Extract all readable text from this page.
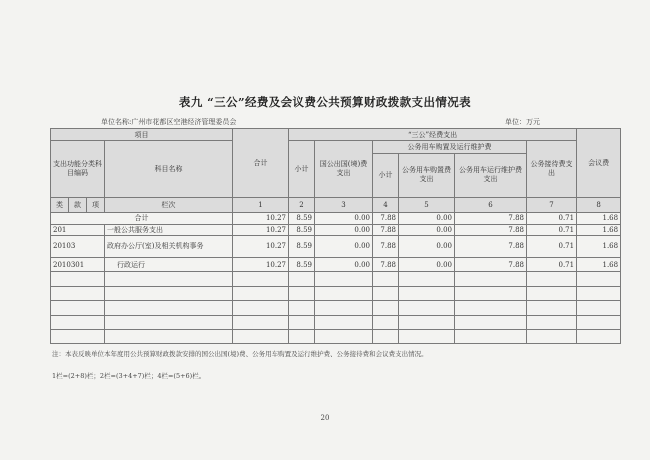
表九 “三公”经费及会议费公共预算财政拨款支出情况表
单位名称:广州市花都区空港经济管理委员会	单位：万元
项目				合计	“三公”经费支出						会议费
支出功能分类科目编码			科目名称		小计	国公出国(境)费支出	公务用车购置及运行维护费			公务接待费支出	
							小计	公务用车购置费支出	公务用车运行维护费支出		
类	款	项	栏次	1	2	3	4	5	6	7	8
合计				10.27	8.59	0.00	7.88	0.00	7.88	0.71	1.68
201			一般公共服务支出	10.27	8.59	0.00	7.88	0.00	7.88	0.71	1.68
20103			政府办公厅(室)及相关机构事务	10.27	8.59	0.00	7.88	0.00	7.88	0.71	1.68
2010301			行政运行	10.27	8.59	0.00	7.88	0.00	7.88	0.71	1.68

注：本表反映单位本年度用公共预算财政拨款安排的国公出国(境)费、公务用车购置及运行维护费、公务接待费和会议费支出情况。
1栏=(2+8)栏；2栏=(3+4+7)栏；4栏=(5+6)栏。
20
